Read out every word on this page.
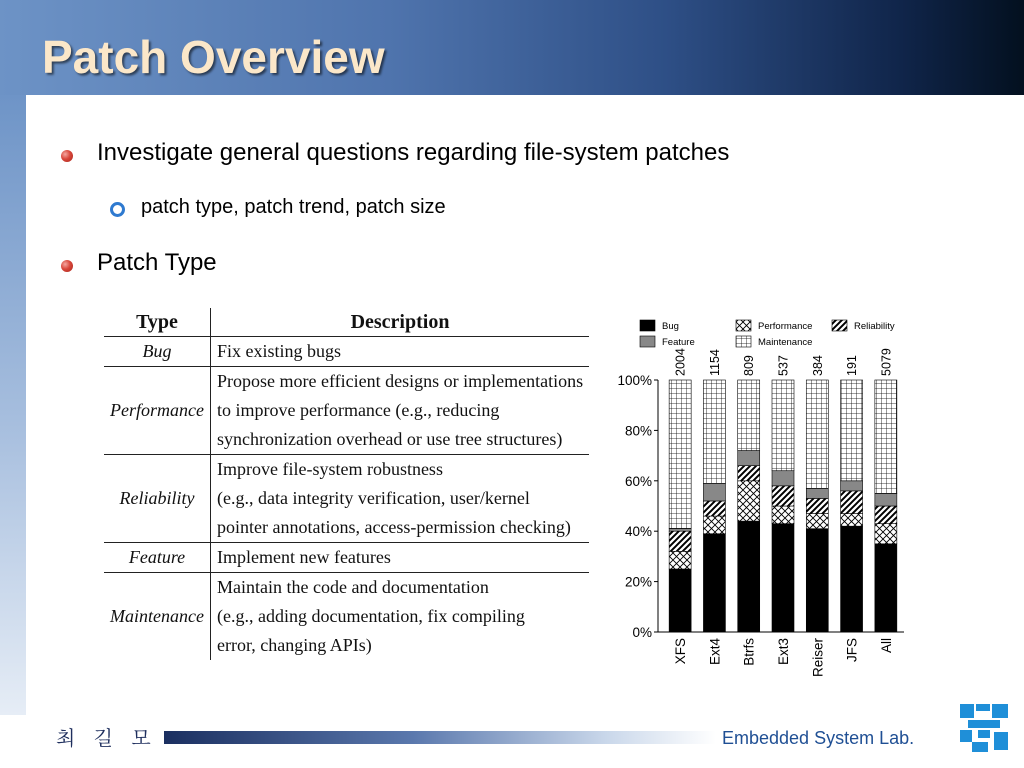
Patch Overview
Investigate general questions regarding file-system patches
patch type, patch trend, patch size
Patch Type
Type	Description
Bug	Fix existing bugs

Performance	Propose more efficient designs or implementations
to improve performance (e.g., reducing
synchronization overhead or use tree structures)

Reliability	Improve file-system robustness
(e.g., data integrity verification, user/kernel
pointer annotations, access-permission checking)

Feature	Implement new features

Maintenance	Maintain the code and documentation
(e.g., adding documentation, fix compiling
error, changing APIs)
Bug	Performance	Reliability
Feature	Maintenance
100%
80%
60%
40%
20%
0%
2004
XFS
1154
Ext4
809
Btrfs
537
Ext3
384
Reiser
191
JFS
5079
All
최 길 모	Embedded System Lab.
